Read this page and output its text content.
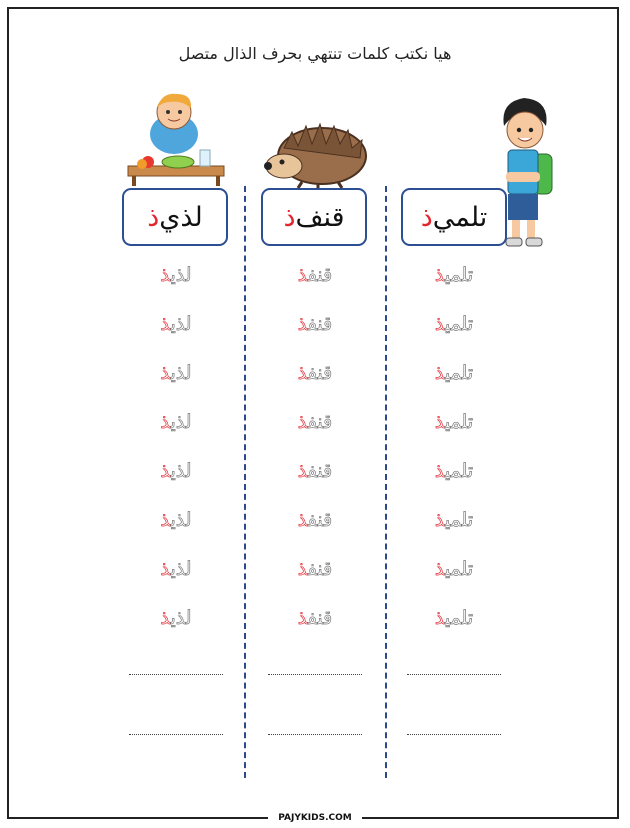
هيا نكتب كلمات تنتهي بحرف الذال متصل
تلمي
ذ
قنف
ذ
لذي
ذ
تلميذ
تلميذ
تلميذ
تلميذ
تلميذ
تلميذ
تلميذ
تلميذ
قنفذ
قنفذ
قنفذ
قنفذ
قنفذ
قنفذ
قنفذ
قنفذ
لذيذ
لذيذ
لذيذ
لذيذ
لذيذ
لذيذ
لذيذ
لذيذ
PAJYKIDS.COM
